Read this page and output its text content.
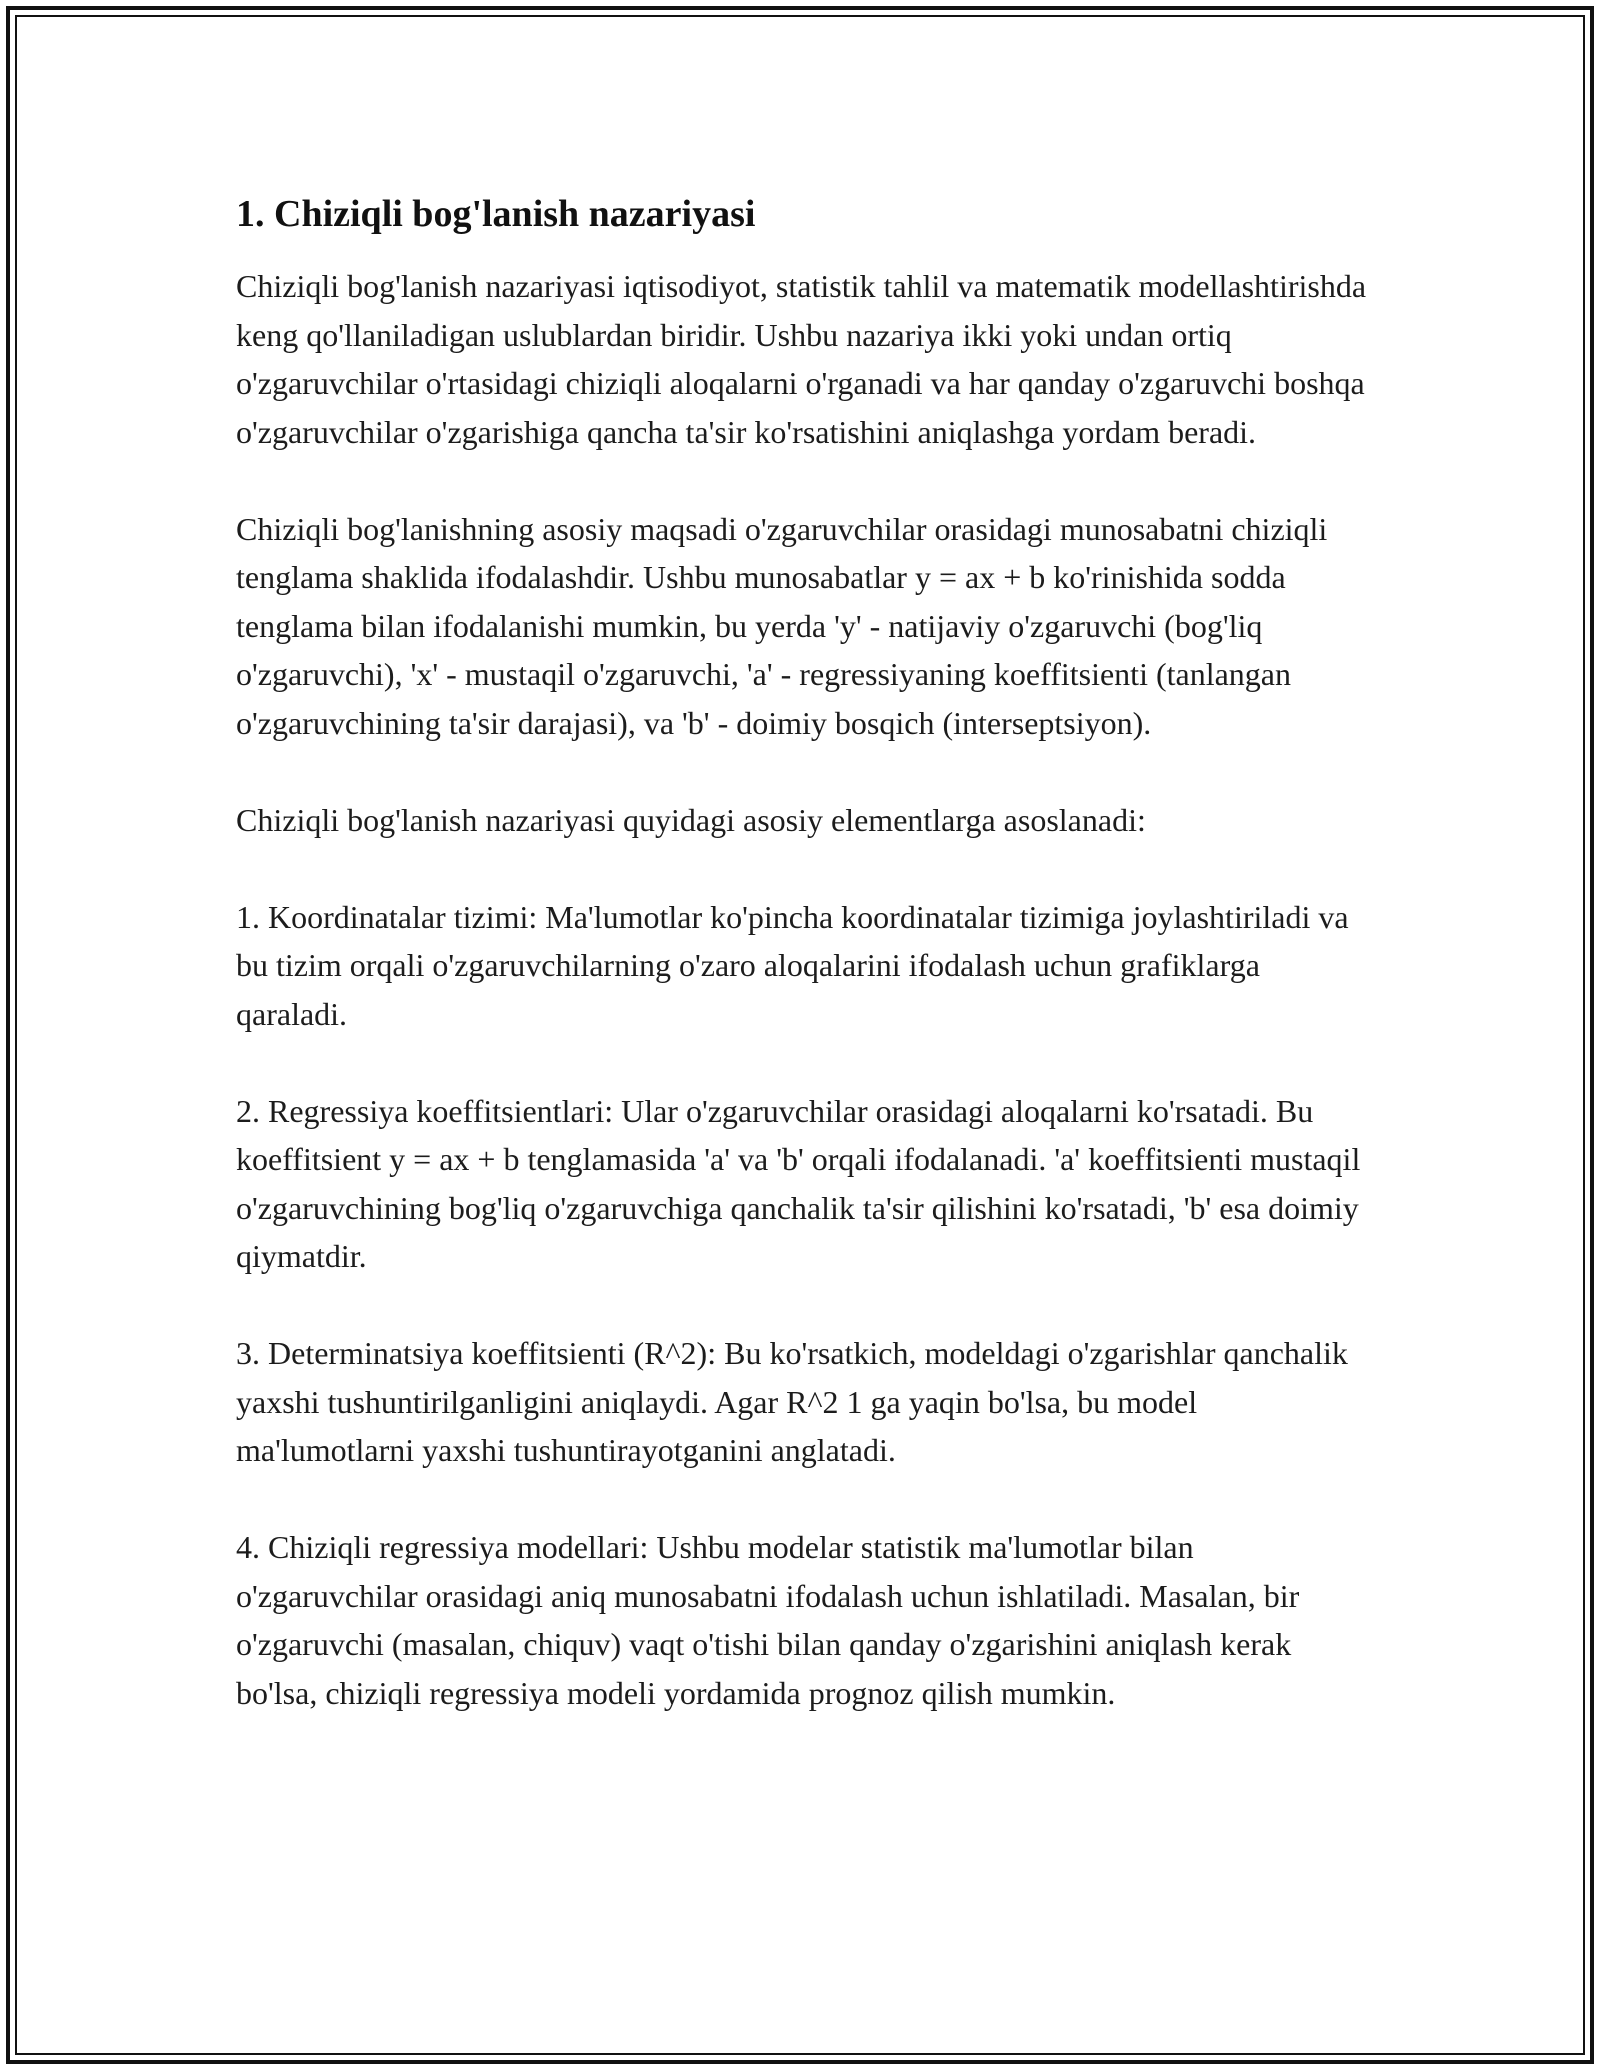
1. Chiziqli bog'lanish nazariyasi

Chiziqli bog'lanish nazariyasi iqtisodiyot, statistik tahlil va matematik modellashtirishda keng qo'llaniladigan uslublardan biridir. Ushbu nazariya ikki yoki undan ortiq o'zgaruvchilar o'rtasidagi chiziqli aloqalarni o'rganadi va har qanday o'zgaruvchi boshqa o'zgaruvchilar o'zgarishiga qancha ta'sir ko'rsatishini aniqlashga yordam beradi.

Chiziqli bog'lanishning asosiy maqsadi o'zgaruvchilar orasidagi munosabatni chiziqli tenglama shaklida ifodalashdir. Ushbu munosabatlar y = ax + b ko'rinishida sodda tenglama bilan ifodalanishi mumkin, bu yerda 'y' - natijaviy o'zgaruvchi (bog'liq o'zgaruvchi), 'x' - mustaqil o'zgaruvchi, 'a' - regressiyaning koeffitsienti (tanlangan o'zgaruvchining ta'sir darajasi), va 'b' - doimiy bosqich (interseptsiyon).

Chiziqli bog'lanish nazariyasi quyidagi asosiy elementlarga asoslanadi:

1. Koordinatalar tizimi: Ma'lumotlar ko'pincha koordinatalar tizimiga joylashtiriladi va bu tizim orqali o'zgaruvchilarning o'zaro aloqalarini ifodalash uchun grafiklarga qaraladi.

2. Regressiya koeffitsientlari: Ular o'zgaruvchilar orasidagi aloqalarni ko'rsatadi. Bu koeffitsient y = ax + b tenglamasida 'a' va 'b' orqali ifodalanadi. 'a' koeffitsienti mustaqil o'zgaruvchining bog'liq o'zgaruvchiga qanchalik ta'sir qilishini ko'rsatadi, 'b' esa doimiy qiymatdir.

3. Determinatsiya koeffitsienti (R^2): Bu ko'rsatkich, modeldagi o'zgarishlar qanchalik yaxshi tushuntirilganligini aniqlaydi. Agar R^2 1 ga yaqin bo'lsa, bu model ma'lumotlarni yaxshi tushuntirayotganini anglatadi.

4. Chiziqli regressiya modellari: Ushbu modelar statistik ma'lumotlar bilan o'zgaruvchilar orasidagi aniq munosabatni ifodalash uchun ishlatiladi. Masalan, bir o'zgaruvchi (masalan, chiquv) vaqt o'tishi bilan qanday o'zgarishini aniqlash kerak bo'lsa, chiziqli regressiya modeli yordamida prognoz qilish mumkin.
